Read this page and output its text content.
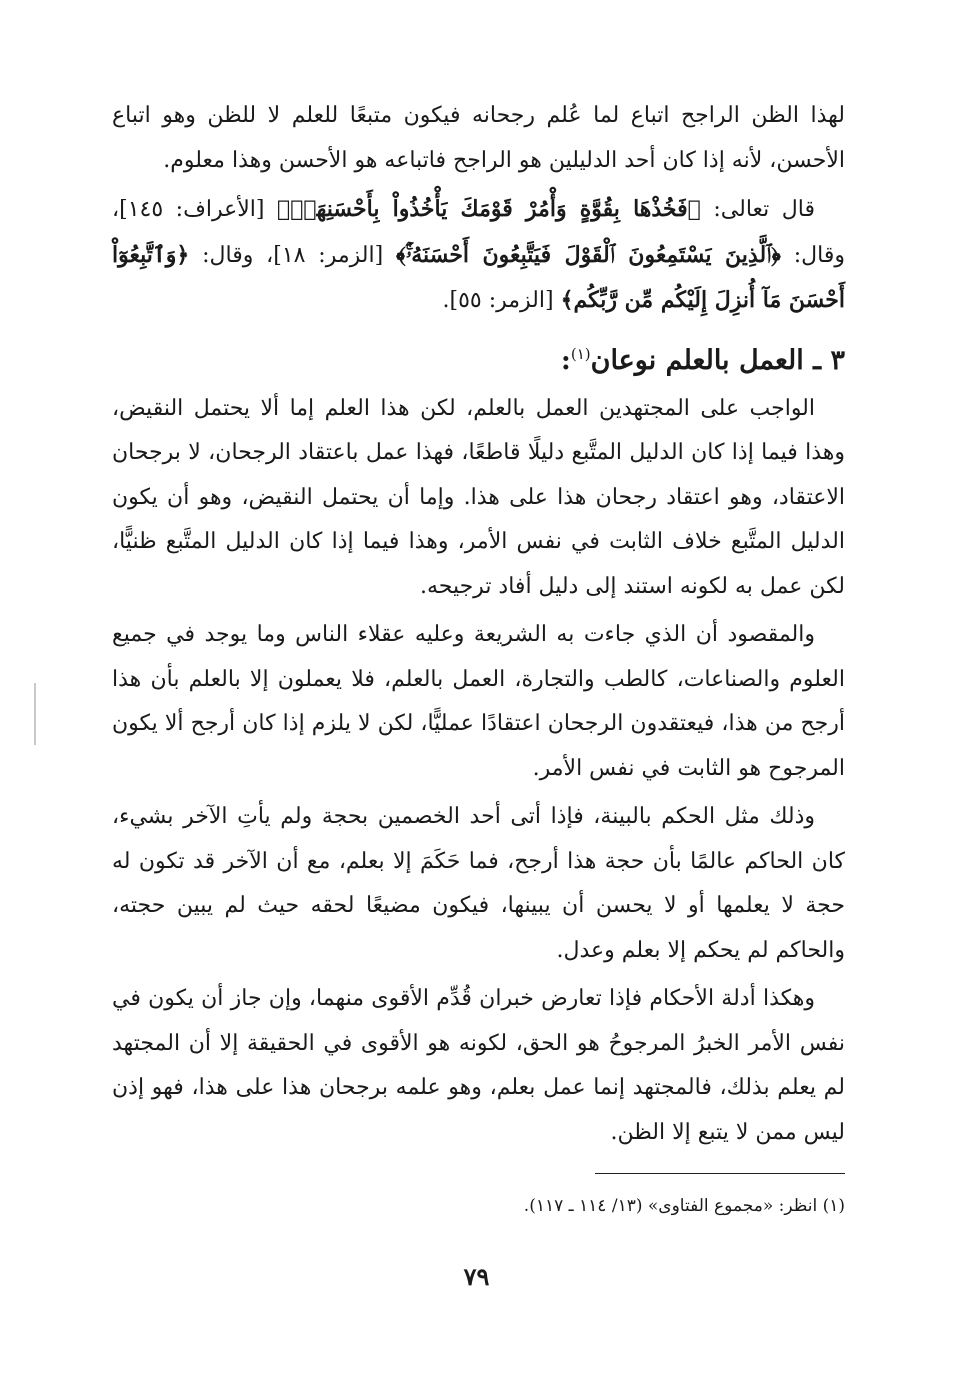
لهذا الظن الراجح اتباع لما عُلم رجحانه فيكون متبعًا للعلم لا للظن وهو اتباع الأحسن، لأنه إذا كان أحد الدليلين هو الراجح فاتباعه هو الأحسن وهذا معلوم.

قال تعالى: ﴿فَخُذْهَا بِقُوَّةٍ وَأْمُرْ قَوْمَكَ يَأْخُذُواْ بِأَحْسَنِهَاۚ﴾ [الأعراف: ١٤٥]، وقال: ﴿ٱلَّذِينَ يَسْتَمِعُونَ ٱلْقَوْلَ فَيَتَّبِعُونَ أَحْسَنَهُۥٓۚ﴾ [الزمر: ١٨]، وقال: ﴿وَٱتَّبِعُوٓاْ أَحْسَنَ مَآ أُنزِلَ إِلَيْكُم مِّن رَّبِّكُم﴾ [الزمر: ٥٥].

٣ ـ العمل بالعلم نوعان$^{(١)}$:

الواجب على المجتهدين العمل بالعلم، لكن هذا العلم إما ألا يحتمل النقيض، وهذا فيما إذا كان الدليل المتَّبع دليلًا قاطعًا، فهذا عمل باعتقاد الرجحان، لا برجحان الاعتقاد، وهو اعتقاد رجحان هذا على هذا. وإما أن يحتمل النقيض، وهو أن يكون الدليل المتَّبع خلاف الثابت في نفس الأمر، وهذا فيما إذا كان الدليل المتَّبع ظنيًّا، لكن عمل به لكونه استند إلى دليل أفاد ترجيحه.

والمقصود أن الذي جاءت به الشريعة وعليه عقلاء الناس وما يوجد في جميع العلوم والصناعات، كالطب والتجارة، العمل بالعلم، فلا يعملون إلا بالعلم بأن هذا أرجح من هذا، فيعتقدون الرجحان اعتقادًا عمليًّا، لكن لا يلزم إذا كان أرجح ألا يكون المرجوح هو الثابت في نفس الأمر.

وذلك مثل الحكم بالبينة، فإذا أتى أحد الخصمين بحجة ولم يأتِ الآخر بشيء، كان الحاكم عالمًا بأن حجة هذا أرجح، فما حَكَمَ إلا بعلم، مع أن الآخر قد تكون له حجة لا يعلمها أو لا يحسن أن يبينها، فيكون مضيعًا لحقه حيث لم يبين حجته، والحاكم لم يحكم إلا بعلم وعدل.

وهكذا أدلة الأحكام فإذا تعارض خبران قُدِّم الأقوى منهما، وإن جاز أن يكون في نفس الأمر الخبرُ المرجوحُ هو الحق، لكونه هو الأقوى في الحقيقة إلا أن المجتهد لم يعلم بذلك، فالمجتهد إنما عمل بعلم، وهو علمه برجحان هذا على هذا، فهو إذن ليس ممن لا يتبع إلا الظن.

(١) انظر: «مجموع الفتاوى» (١٣/ ١١٤ ـ ١١٧).

٧٩
